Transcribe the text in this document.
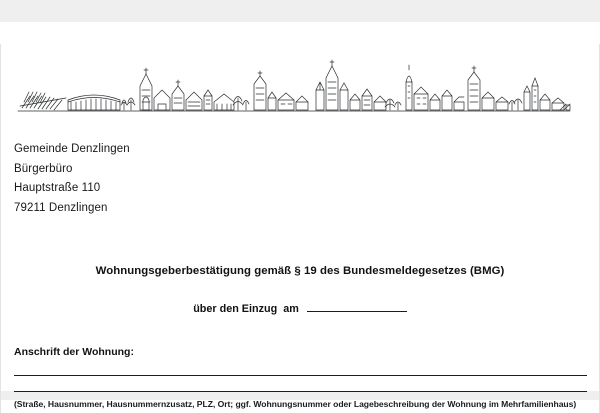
Gemeinde Denzlingen
Bürgerbüro
Hauptstraße 110
79211 Denzlingen
Wohnungsgeberbestätigung gemäß § 19 des Bundesmeldegesetzes (BMG)
über den Einzug am
Anschrift der Wohnung:
(Straße, Hausnummer, Hausnummernzusatz, PLZ, Ort; ggf. Wohnungsnummer oder Lagebeschreibung der Wohnung im Mehrfamilienhaus)
